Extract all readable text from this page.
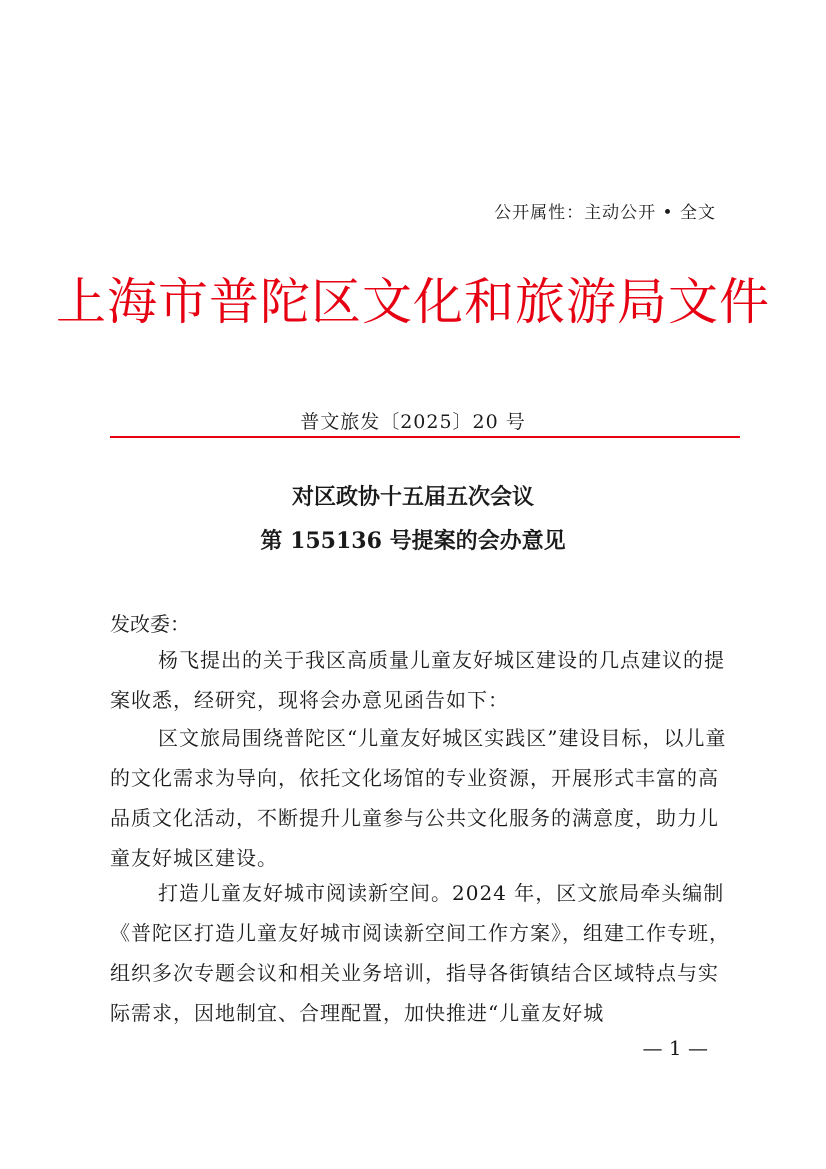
公开属性：主动公开 • 全文
上海市普陀区文化和旅游局文件
普文旅发〔2025〕20 号
对区政协十五届五次会议
第 155136 号提案的会办意见
发改委：
杨飞提出的关于我区高质量儿童友好城区建设的几点建议的提案收悉，经研究，现将会办意见函告如下：
区文旅局围绕普陀区“儿童友好城区实践区”建设目标，以儿童的文化需求为导向，依托文化场馆的专业资源，开展形式丰富的高品质文化活动，不断提升儿童参与公共文化服务的满意度，助力儿童友好城区建设。
打造儿童友好城市阅读新空间。2024 年，区文旅局牵头编制《普陀区打造儿童友好城市阅读新空间工作方案》，组建工作专班，组织多次专题会议和相关业务培训，指导各街镇结合区域特点与实际需求，因地制宜、合理配置，加快推进“儿童友好城
— 1 —
